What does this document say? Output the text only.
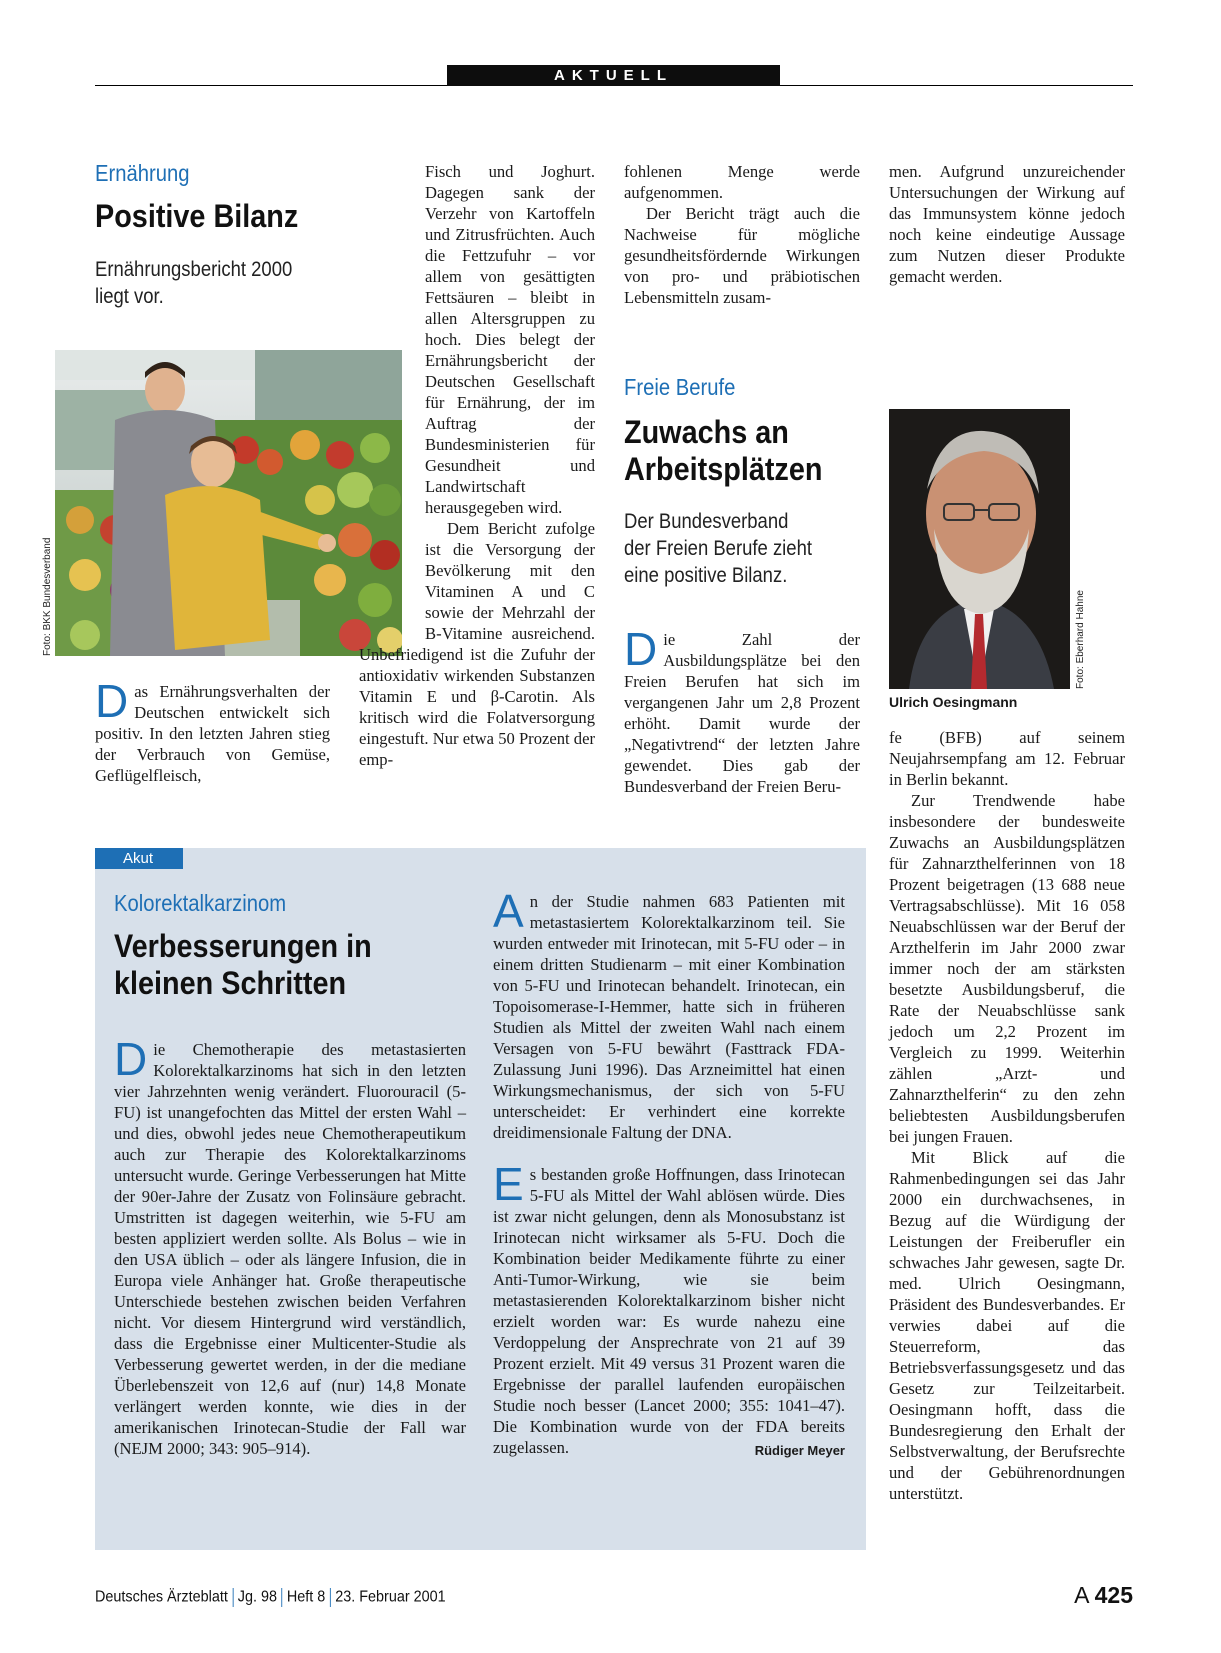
AKTUELL
Ernährung
Positive Bilanz
Ernährungsbericht 2000
liegt vor.
Foto: BKK Bundesverband

Das Ernährungsverhalten der Deutschen entwickelt sich positiv. In den letzten Jahren stieg der Verbrauch von Gemüse, Geflügelfleisch,

Fisch und Joghurt. Dagegen sank der Verzehr von Kartoffeln und Zitrusfrüchten. Auch die Fettzufuhr – vor allem von gesättigten Fettsäuren – bleibt in allen Altersgruppen zu hoch. Dies belegt der Ernährungsbericht der Deutschen Gesellschaft für Ernährung, der im Auftrag der Bundesministerien für Gesundheit und Landwirtschaft herausgegeben wird.

Dem Bericht zufolge ist die Versorgung der Bevölkerung mit den Vitaminen A und C sowie der Mehrzahl der B-Vitamine ausreichend. Unbefriedigend ist die Zufuhr der antioxidativ wirkenden Substanzen Vitamin E und β-Carotin. Als kritisch wird die Folatversorgung eingestuft. Nur etwa 50 Prozent der emp-

fohlenen Menge werde aufgenommen.

Der Bericht trägt auch die Nachweise für mögliche gesundheitsfördernde Wirkungen von pro- und präbiotischen Lebensmitteln zusam-

men. Aufgrund unzureichender Untersuchungen der Wirkung auf das Immunsystem könne jedoch noch keine eindeutige Aussage zum Nutzen dieser Produkte gemacht werden.

Freie Berufe
Zuwachs an
Arbeitsplätzen
Der Bundesverband
der Freien Berufe zieht
eine positive Bilanz.

Die Zahl der Ausbildungsplätze bei den Freien Berufen hat sich im vergangenen Jahr um 2,8 Prozent erhöht. Damit wurde der „Negativtrend“ der letzten Jahre gewendet. Dies gab der Bundesverband der Freien Beru-

Foto: Eberhard Hahne
Ulrich Oesingmann

fe (BFB) auf seinem Neujahrsempfang am 12. Februar in Berlin bekannt.

Zur Trendwende habe insbesondere der bundesweite Zuwachs an Ausbildungsplätzen für Zahnarzthelferinnen von 18 Prozent beigetragen (13 688 neue Vertragsabschlüsse). Mit 16 058 Neuabschlüssen war der Beruf der Arzthelferin im Jahr 2000 zwar immer noch der am stärksten besetzte Ausbildungsberuf, die Rate der Neuabschlüsse sank jedoch um 2,2 Prozent im Vergleich zu 1999. Weiterhin zählen „Arzt- und Zahnarzthelferin“ zu den zehn beliebtesten Ausbildungsberufen bei jungen Frauen.

Mit Blick auf die Rahmenbedingungen sei das Jahr 2000 ein durchwachsenes, in Bezug auf die Würdigung der Leistungen der Freiberufler ein schwaches Jahr gewesen, sagte Dr. med. Ulrich Oesingmann, Präsident des Bundesverbandes. Er verwies dabei auf die Steuerreform, das Betriebsverfassungsgesetz und das Gesetz zur Teilzeitarbeit. Oesingmann hofft, dass die Bundesregierung den Erhalt der Selbstverwaltung, der Berufsrechte und der Gebührenordnungen unterstützt.

Akut
Kolorektalkarzinom
Verbesserungen in
kleinen Schritten

Die Chemotherapie des metastasierten Kolorektalkarzinoms hat sich in den letzten vier Jahrzehnten wenig verändert. Fluorouracil (5-FU) ist unangefochten das Mittel der ersten Wahl – und dies, obwohl jedes neue Chemotherapeutikum auch zur Therapie des Kolorektalkarzinoms untersucht wurde. Geringe Verbesserungen hat Mitte der 90er-Jahre der Zusatz von Folinsäure gebracht. Umstritten ist dagegen weiterhin, wie 5-FU am besten appliziert werden sollte. Als Bolus – wie in den USA üblich – oder als längere Infusion, die in Europa viele Anhänger hat. Große therapeutische Unterschiede bestehen zwischen beiden Verfahren nicht. Vor diesem Hintergrund wird verständlich, dass die Ergebnisse einer Multicenter-Studie als Verbesserung gewertet werden, in der die mediane Überlebenszeit von 12,6 auf (nur) 14,8 Monate verlängert werden konnte, wie dies in der amerikanischen Irinotecan-Studie der Fall war (NEJM 2000; 343: 905–914).

An der Studie nahmen 683 Patienten mit metastasiertem Kolorektalkarzinom teil. Sie wurden entweder mit Irinotecan, mit 5-FU oder – in einem dritten Studienarm – mit einer Kombination von 5-FU und Irinotecan behandelt. Irinotecan, ein Topoisomerase-I-Hemmer, hatte sich in früheren Studien als Mittel der zweiten Wahl nach einem Versagen von 5-FU bewährt (Fasttrack FDA-Zulassung Juni 1996). Das Arzneimittel hat einen Wirkungsmechanismus, der sich von 5-FU unterscheidet: Er verhindert eine korrekte dreidimensionale Faltung der DNA.

Es bestanden große Hoffnungen, dass Irinotecan 5-FU als Mittel der Wahl ablösen würde. Dies ist zwar nicht gelungen, denn als Monosubstanz ist Irinotecan nicht wirksamer als 5-FU. Doch die Kombination beider Medikamente führte zu einer Anti-Tumor-Wirkung, wie sie beim metastasierenden Kolorektalkarzinom bisher nicht erzielt worden war: Es wurde nahezu eine Verdoppelung der Ansprechrate von 21 auf 39 Prozent erzielt. Mit 49 versus 31 Prozent waren die Ergebnisse der parallel laufenden europäischen Studie noch besser (Lancet 2000; 355: 1041–47). Die Kombination wurde von der FDA bereits zugelassen.	Rüdiger Meyer

Deutsches Ärzteblatt Jg. 98 Heft 8 23. Februar 2001	A 425
